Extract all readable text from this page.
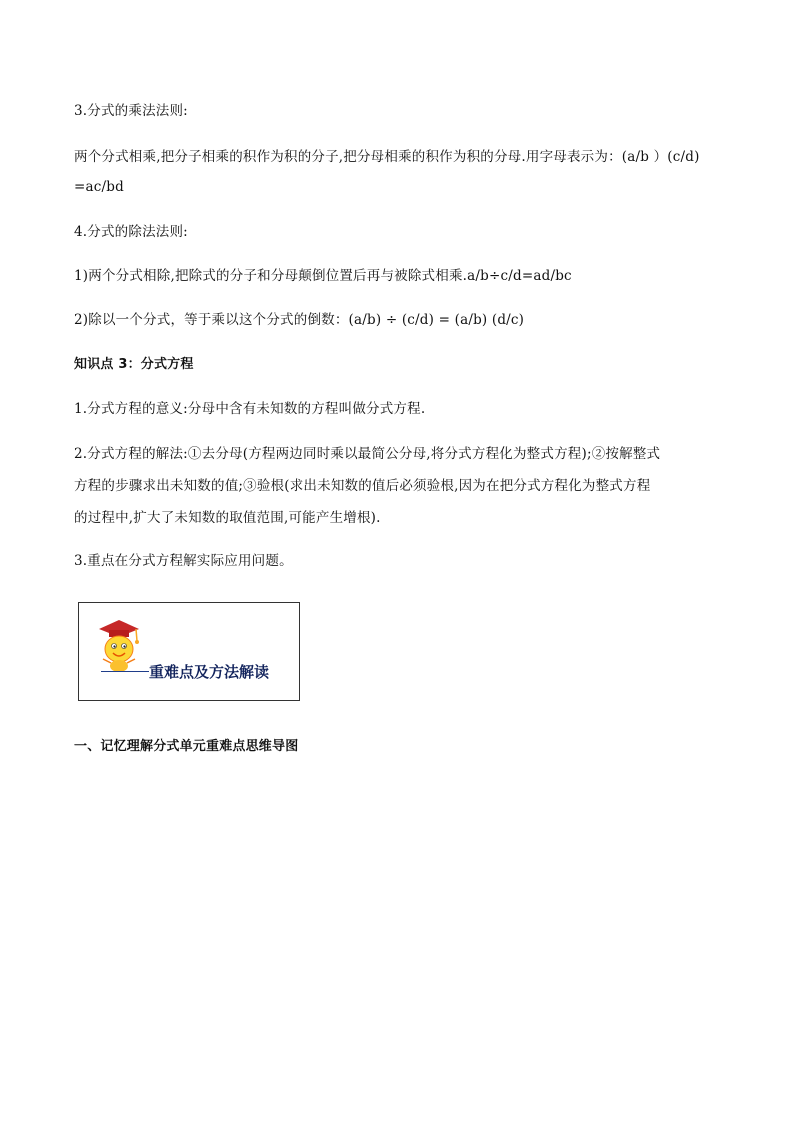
3.分式的乘法法则:
两个分式相乘,把分子相乘的积作为积的分子,把分母相乘的积作为积的分母.用字母表示为：(a/b ）(c/d)
=ac/bd
4.分式的除法法则:
1)两个分式相除,把除式的分子和分母颠倒位置后再与被除式相乘.a/b÷c/d=ad/bc
2)除以一个分式，等于乘以这个分式的倒数：(a/b) ÷ (c/d) = (a/b) (d/c)
知识点 3：分式方程
1.分式方程的意义:分母中含有未知数的方程叫做分式方程.
2.分式方程的解法:①去分母(方程两边同时乘以最简公分母,将分式方程化为整式方程);②按解整式
方程的步骤求出未知数的值;③验根(求出未知数的值后必须验根,因为在把分式方程化为整式方程
的过程中,扩大了未知数的取值范围,可能产生增根).
3.重点在分式方程解实际应用问题。
重难点及方法解读
一、记忆理解分式单元重难点思维导图
